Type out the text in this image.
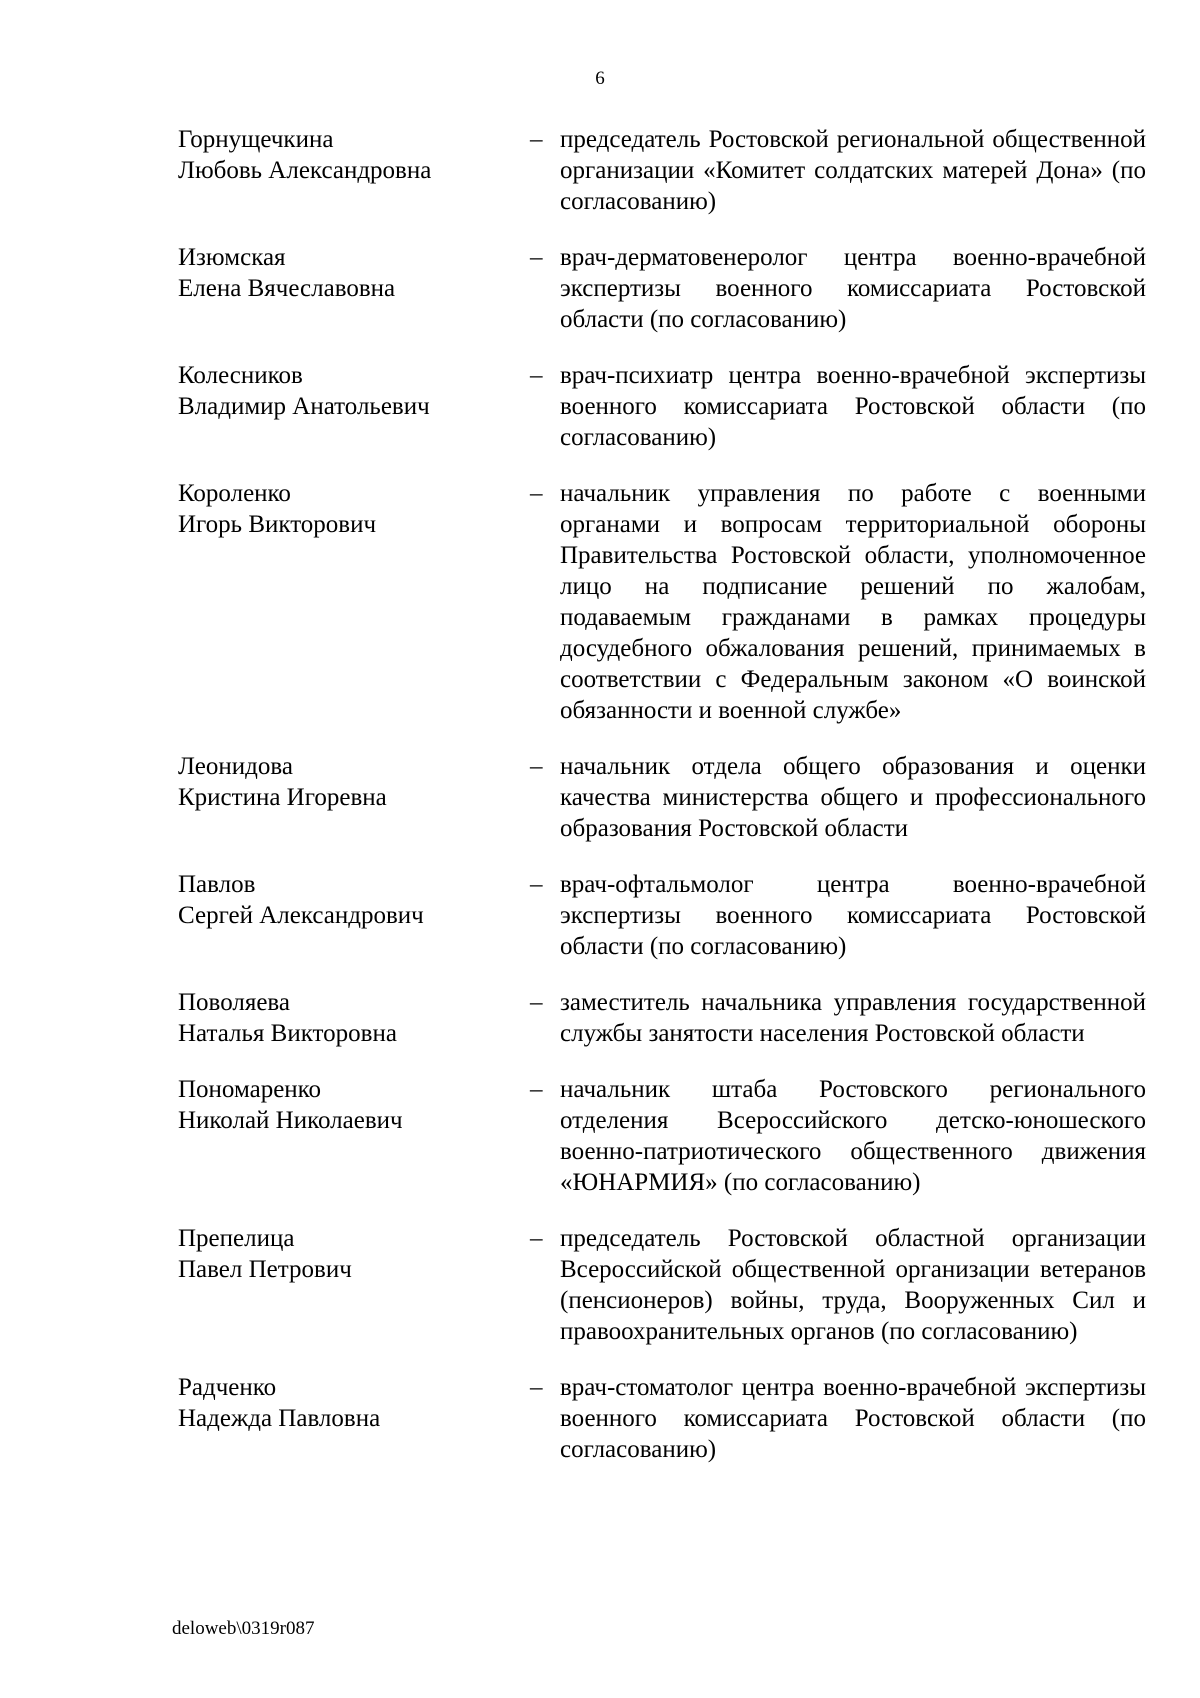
6
Горнущечкина
Любовь Александровна
– председатель Ростовской региональной общественной организации «Комитет солдатских матерей Дона» (по согласованию)
Изюмская
Елена Вячеславовна
– врач-дерматовенеролог центра военно-врачебной экспертизы военного комиссариата Ростовской области (по согласованию)
Колесников
Владимир Анатольевич
– врач-психиатр центра военно-врачебной экспертизы военного комиссариата Ростовской области (по согласованию)
Короленко
Игорь Викторович
– начальник управления по работе с военными органами и вопросам территориальной обороны Правительства Ростовской области, уполномоченное лицо на подписание решений по жалобам, подаваемым гражданами в рамках процедуры досудебного обжалования решений, принимаемых в соответствии с Федеральным законом «О воинской обязанности и военной службе»
Леонидова
Кристина Игоревна
– начальник отдела общего образования и оценки качества министерства общего и профессионального образования Ростовской области
Павлов
Сергей Александрович
– врач-офтальмолог центра военно-врачебной экспертизы военного комиссариата Ростовской области (по согласованию)
Поволяева
Наталья Викторовна
– заместитель начальника управления государственной службы занятости населения Ростовской области
Пономаренко
Николай Николаевич
– начальник штаба Ростовского регионального отделения Всероссийского детско-юношеского военно-патриотического общественного движения «ЮНАРМИЯ» (по согласованию)
Препелица
Павел Петрович
– председатель Ростовской областной организации Всероссийской общественной организации ветеранов (пенсионеров) войны, труда, Вооруженных Сил и правоохранительных органов (по согласованию)
Радченко
Надежда Павловна
– врач-стоматолог центра военно-врачебной экспертизы военного комиссариата Ростовской области (по согласованию)
deloweb\0319r087
